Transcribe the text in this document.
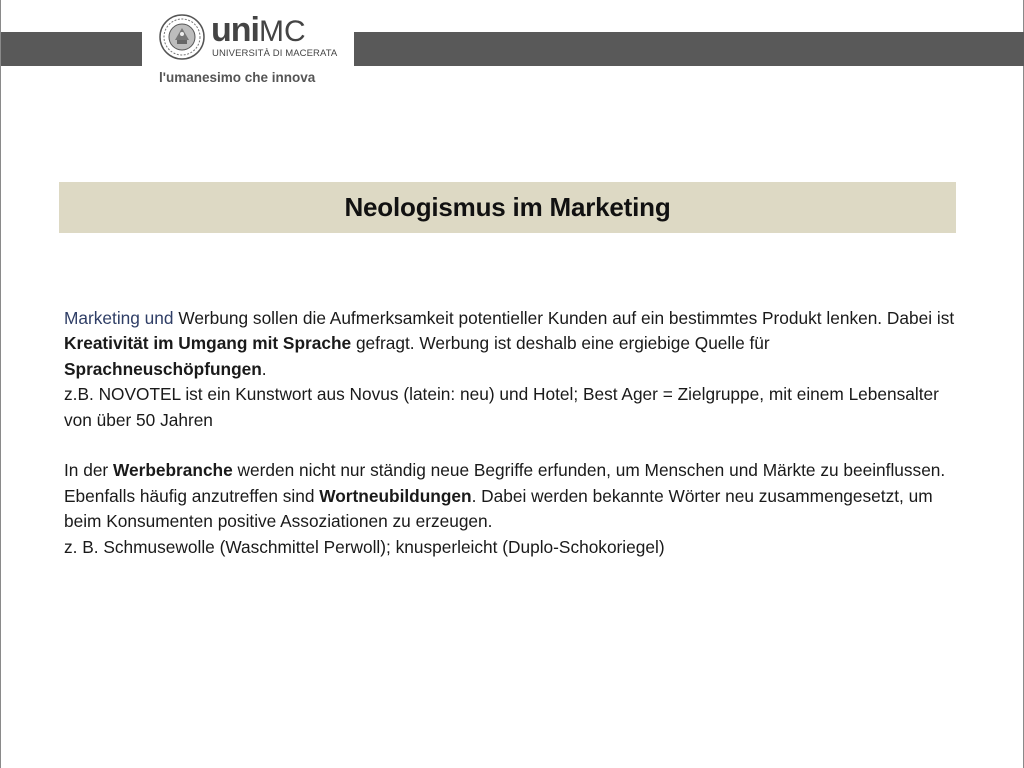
uniMC
UNIVERSITÀ DI MACERATA
l'umanesimo che innova
Neologismus im Marketing

Marketing und Werbung sollen die Aufmerksamkeit potentieller Kunden auf ein bestimmtes Produkt lenken. Dabei ist Kreativität im Umgang mit Sprache gefragt. Werbung ist deshalb eine ergiebige Quelle für Sprachneuschöpfungen.

z.B. NOVOTEL ist ein Kunstwort aus Novus (latein: neu) und Hotel; Best Ager = Zielgruppe, mit einem Lebensalter von über 50 Jahren

In der Werbebranche werden nicht nur ständig neue Begriffe erfunden, um Menschen und Märkte zu beeinflussen. Ebenfalls häufig anzutreffen sind Wortneubildungen. Dabei werden bekannte Wörter neu zusammengesetzt, um beim Konsumenten positive Assoziationen zu erzeugen.

z. B. Schmusewolle (Waschmittel Perwoll); knusperleicht (Duplo-Schokoriegel)
